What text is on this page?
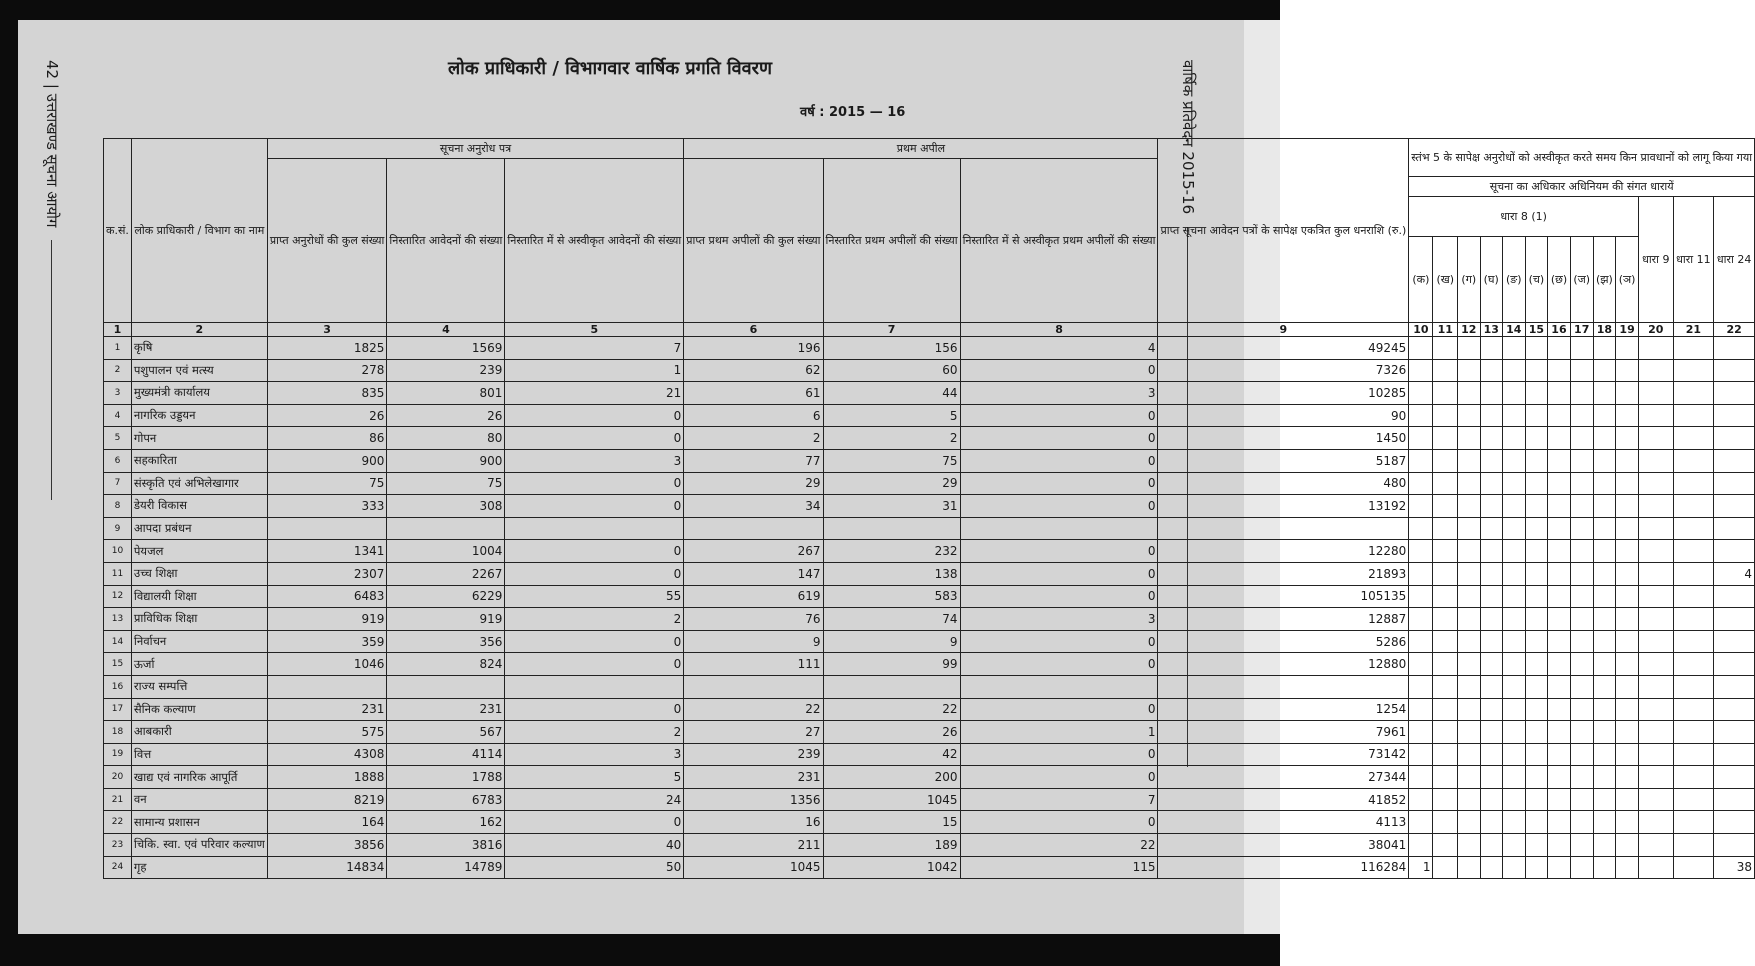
42 | उत्तराखण्ड सूचना आयोग	वार्षिक प्रतिवेदन 2015-16
लोक प्राधिकारी / विभागवार वार्षिक प्रगति विवरण
वर्ष : 2015 — 16
क.सं.	लोक प्राधिकारी / विभाग का नाम	सूचना अनुरोध पत्र			प्रथम अपील			प्राप्त सूचना आवेदन पत्रों के सापेक्ष एकत्रित कुल धनराशि (रु.)	स्तंभ 5 के सापेक्ष अनुरोधों को अस्वीकृत करते समय किन प्रावधानों को लागू किया गया												
		प्राप्त अनुरोधों की कुल संख्या	निस्तारित आवेदनों की संख्या	निस्तारित में से अस्वीकृत आवेदनों की संख्या	प्राप्त प्रथम अपीलों की कुल संख्या	निस्तारित प्रथम अपीलों की संख्या	निस्तारित में से अस्वीकृत प्रथम अपीलों की संख्या														
									सूचना का अधिकार अधिनियम की संगत धारायें												
									धारा 8 (1)										धारा 9	धारा 11	धारा 24
									(क)	(ख)	(ग)	(घ)	(ङ)	(च)	(छ)	(ज)	(झ)	(ञ)			
1	2	3	4	5	6	7	8	9	10	11	12	13	14	15	16	17	18	19	20	21	22
1	कृषि	1825	1569	7	196	156	4	49245													
2	पशुपालन एवं मत्स्य	278	239	1	62	60	0	7326													
3	मुख्यमंत्री कार्यालय	835	801	21	61	44	3	10285													
4	नागरिक उड्डयन	26	26	0	6	5	0	90													
5	गोपन	86	80	0	2	2	0	1450													
6	सहकारिता	900	900	3	77	75	0	5187													
7	संस्कृति एवं अभिलेखागार	75	75	0	29	29	0	480													
8	डेयरी विकास	333	308	0	34	31	0	13192													
9	आपदा प्रबंधन																				
10	पेयजल	1341	1004	0	267	232	0	12280													
11	उच्च शिक्षा	2307	2267	0	147	138	0	21893													4
12	विद्यालयी शिक्षा	6483	6229	55	619	583	0	105135													
13	प्राविधिक शिक्षा	919	919	2	76	74	3	12887													
14	निर्वाचन	359	356	0	9	9	0	5286													
15	ऊर्जा	1046	824	0	111	99	0	12880													
16	राज्य सम्पत्ति																				
17	सैनिक कल्याण	231	231	0	22	22	0	1254													
18	आबकारी	575	567	2	27	26	1	7961													
19	वित्त	4308	4114	3	239	42	0	73142													
20	खाद्य एवं नागरिक आपूर्ति	1888	1788	5	231	200	0	27344													
21	वन	8219	6783	24	1356	1045	7	41852													
22	सामान्य प्रशासन	164	162	0	16	15	0	4113													
23	चिकि. स्वा. एवं परिवार कल्याण	3856	3816	40	211	189	22	38041													
24	गृह	14834	14789	50	1045	1042	115	116284	1												38
